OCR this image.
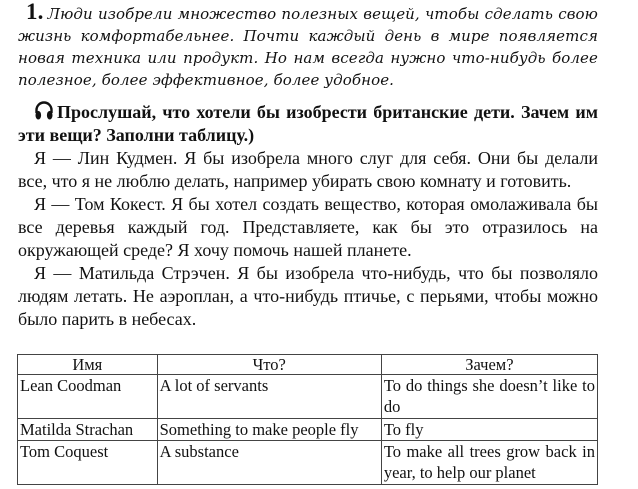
1. Люди изобрели множество полезных вещей, чтобы сделать свою жизнь комфортабельнее. Почти каждый день в мире появляется новая техника или продукт. Но нам всегда нужно что-нибудь более полезное, более эффективное, более удобное.

Прослушай, что хотели бы изобрести британские дети. Зачем им эти вещи? Заполни таблицу.)

Я — Лин Кудмен. Я бы изобрела много слуг для себя. Они бы делали все, что я не люблю делать, например убирать свою комнату и готовить.

Я — Том Кокест. Я бы хотел создать вещество, которая омолаживала бы все деревья каждый год. Представляете, как бы это отразилось на окружающей среде? Я хочу помочь нашей планете.

Я — Матильда Стрэчен. Я бы изобрела что-нибудь, что бы позволяло людям летать. Не аэроплан, а что-нибудь птичье, с перьями, чтобы можно было парить в небесах.

Имя	Что?	Зачем?
Lean Coodman	A lot of servants	To do things she doesn’t like to do
Matilda Strachan	Something to make people fly	To fly
Tom Coquest	A substance	To make all trees grow back in year, to help our planet
